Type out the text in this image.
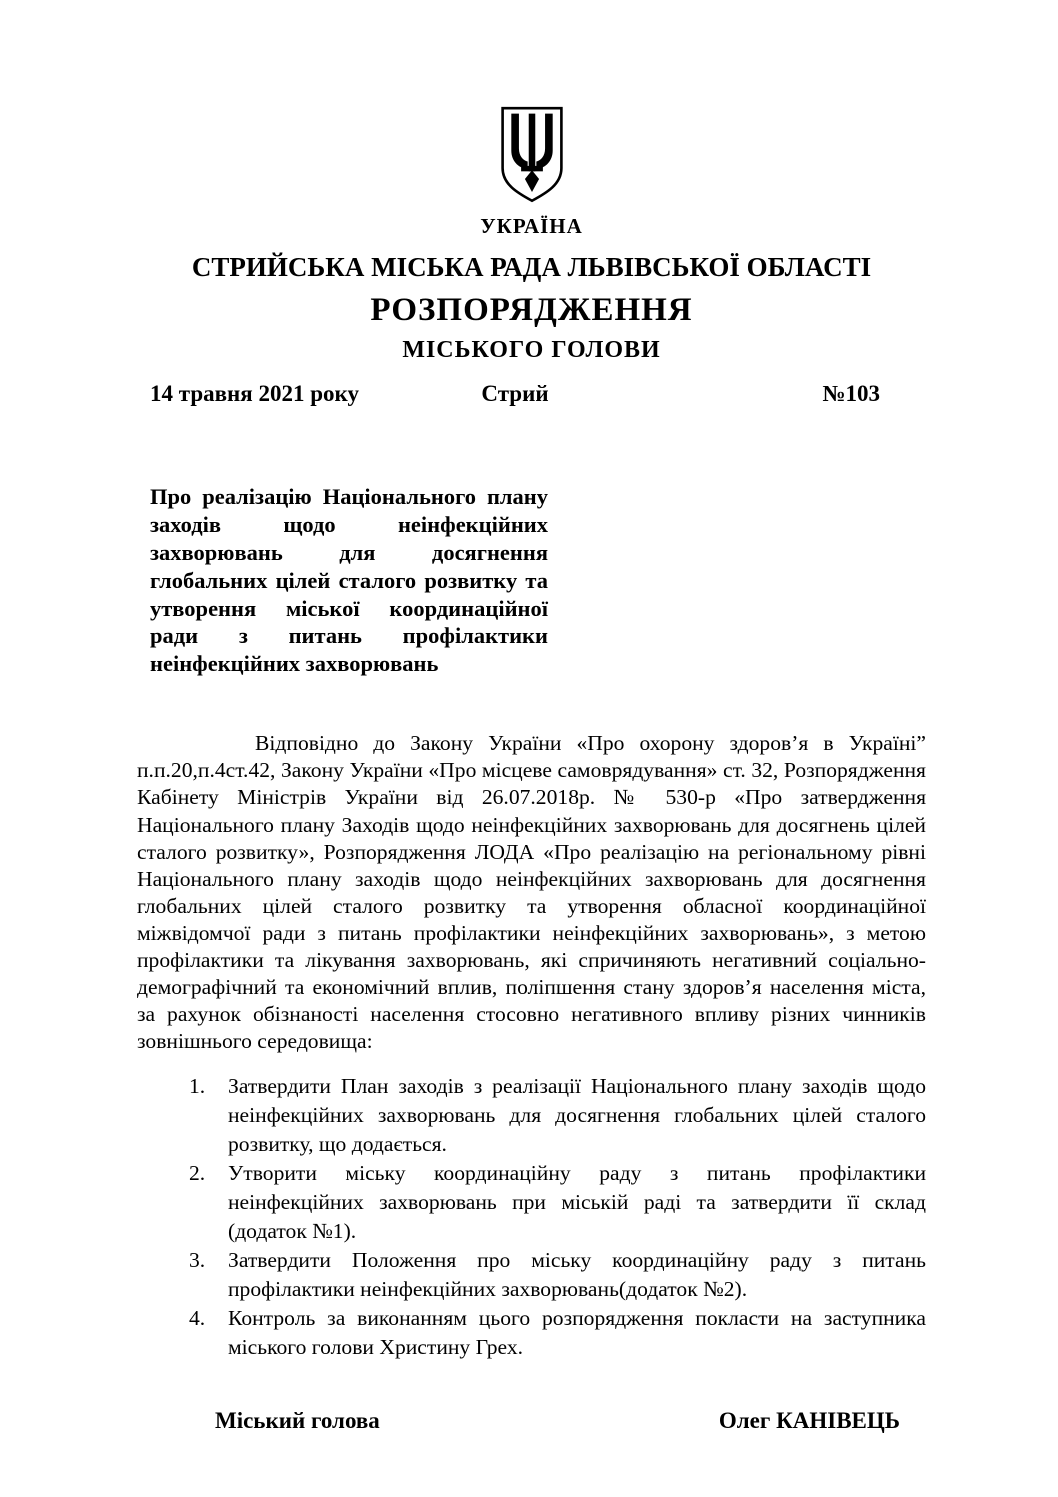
УКРАЇНА
СТРИЙСЬКА МІСЬКА РАДА ЛЬВІВСЬКОЇ ОБЛАСТІ
РОЗПОРЯДЖЕННЯ
МІСЬКОГО ГОЛОВИ
14 травня 2021 року	Стрий	№103
Про реалізацію Національного плану заходів щодо неінфекційних захворювань для досягнення глобальних цілей сталого розвитку та утворення міської координаційної ради з питань профілактики неінфекційних захворювань
Відповідно до Закону України «Про охорону здоров’я в Україні” п.п.20,п.4ст.42, Закону України «Про місцеве самоврядування» ст. 32, Розпорядження Кабінету Міністрів України від 26.07.2018р. № 530-р «Про затвердження Національного плану Заходів щодо неінфекційних захворювань для досягнень цілей сталого розвитку», Розпорядження ЛОДА «Про реалізацію на регіональному рівні Національного плану заходів щодо неінфекційних захворювань для досягнення глобальних цілей сталого розвитку та утворення обласної координаційної міжвідомчої ради з питань профілактики неінфекційних захворювань», з метою профілактики та лікування захворювань, які спричиняють негативний соціально-демографічний та економічний вплив, поліпшення стану здоров’я населення міста, за рахунок обізнаності населення стосовно негативного впливу різних чинників зовнішнього середовища:
1.	Затвердити План заходів з реалізації Національного плану заходів щодо неінфекційних захворювань для досягнення глобальних цілей сталого розвитку, що додається.
2.	Утворити міську координаційну раду з питань профілактики неінфекційних захворювань при міській раді та затвердити її склад (додаток №1).
3.	Затвердити Положення про міську координаційну раду з питань профілактики неінфекційних захворювань(додаток №2).
4.	Контроль за виконанням цього розпорядження покласти на заступника міського голови Христину Грех.
Міський голова	Олег КАНІВЕЦЬ
